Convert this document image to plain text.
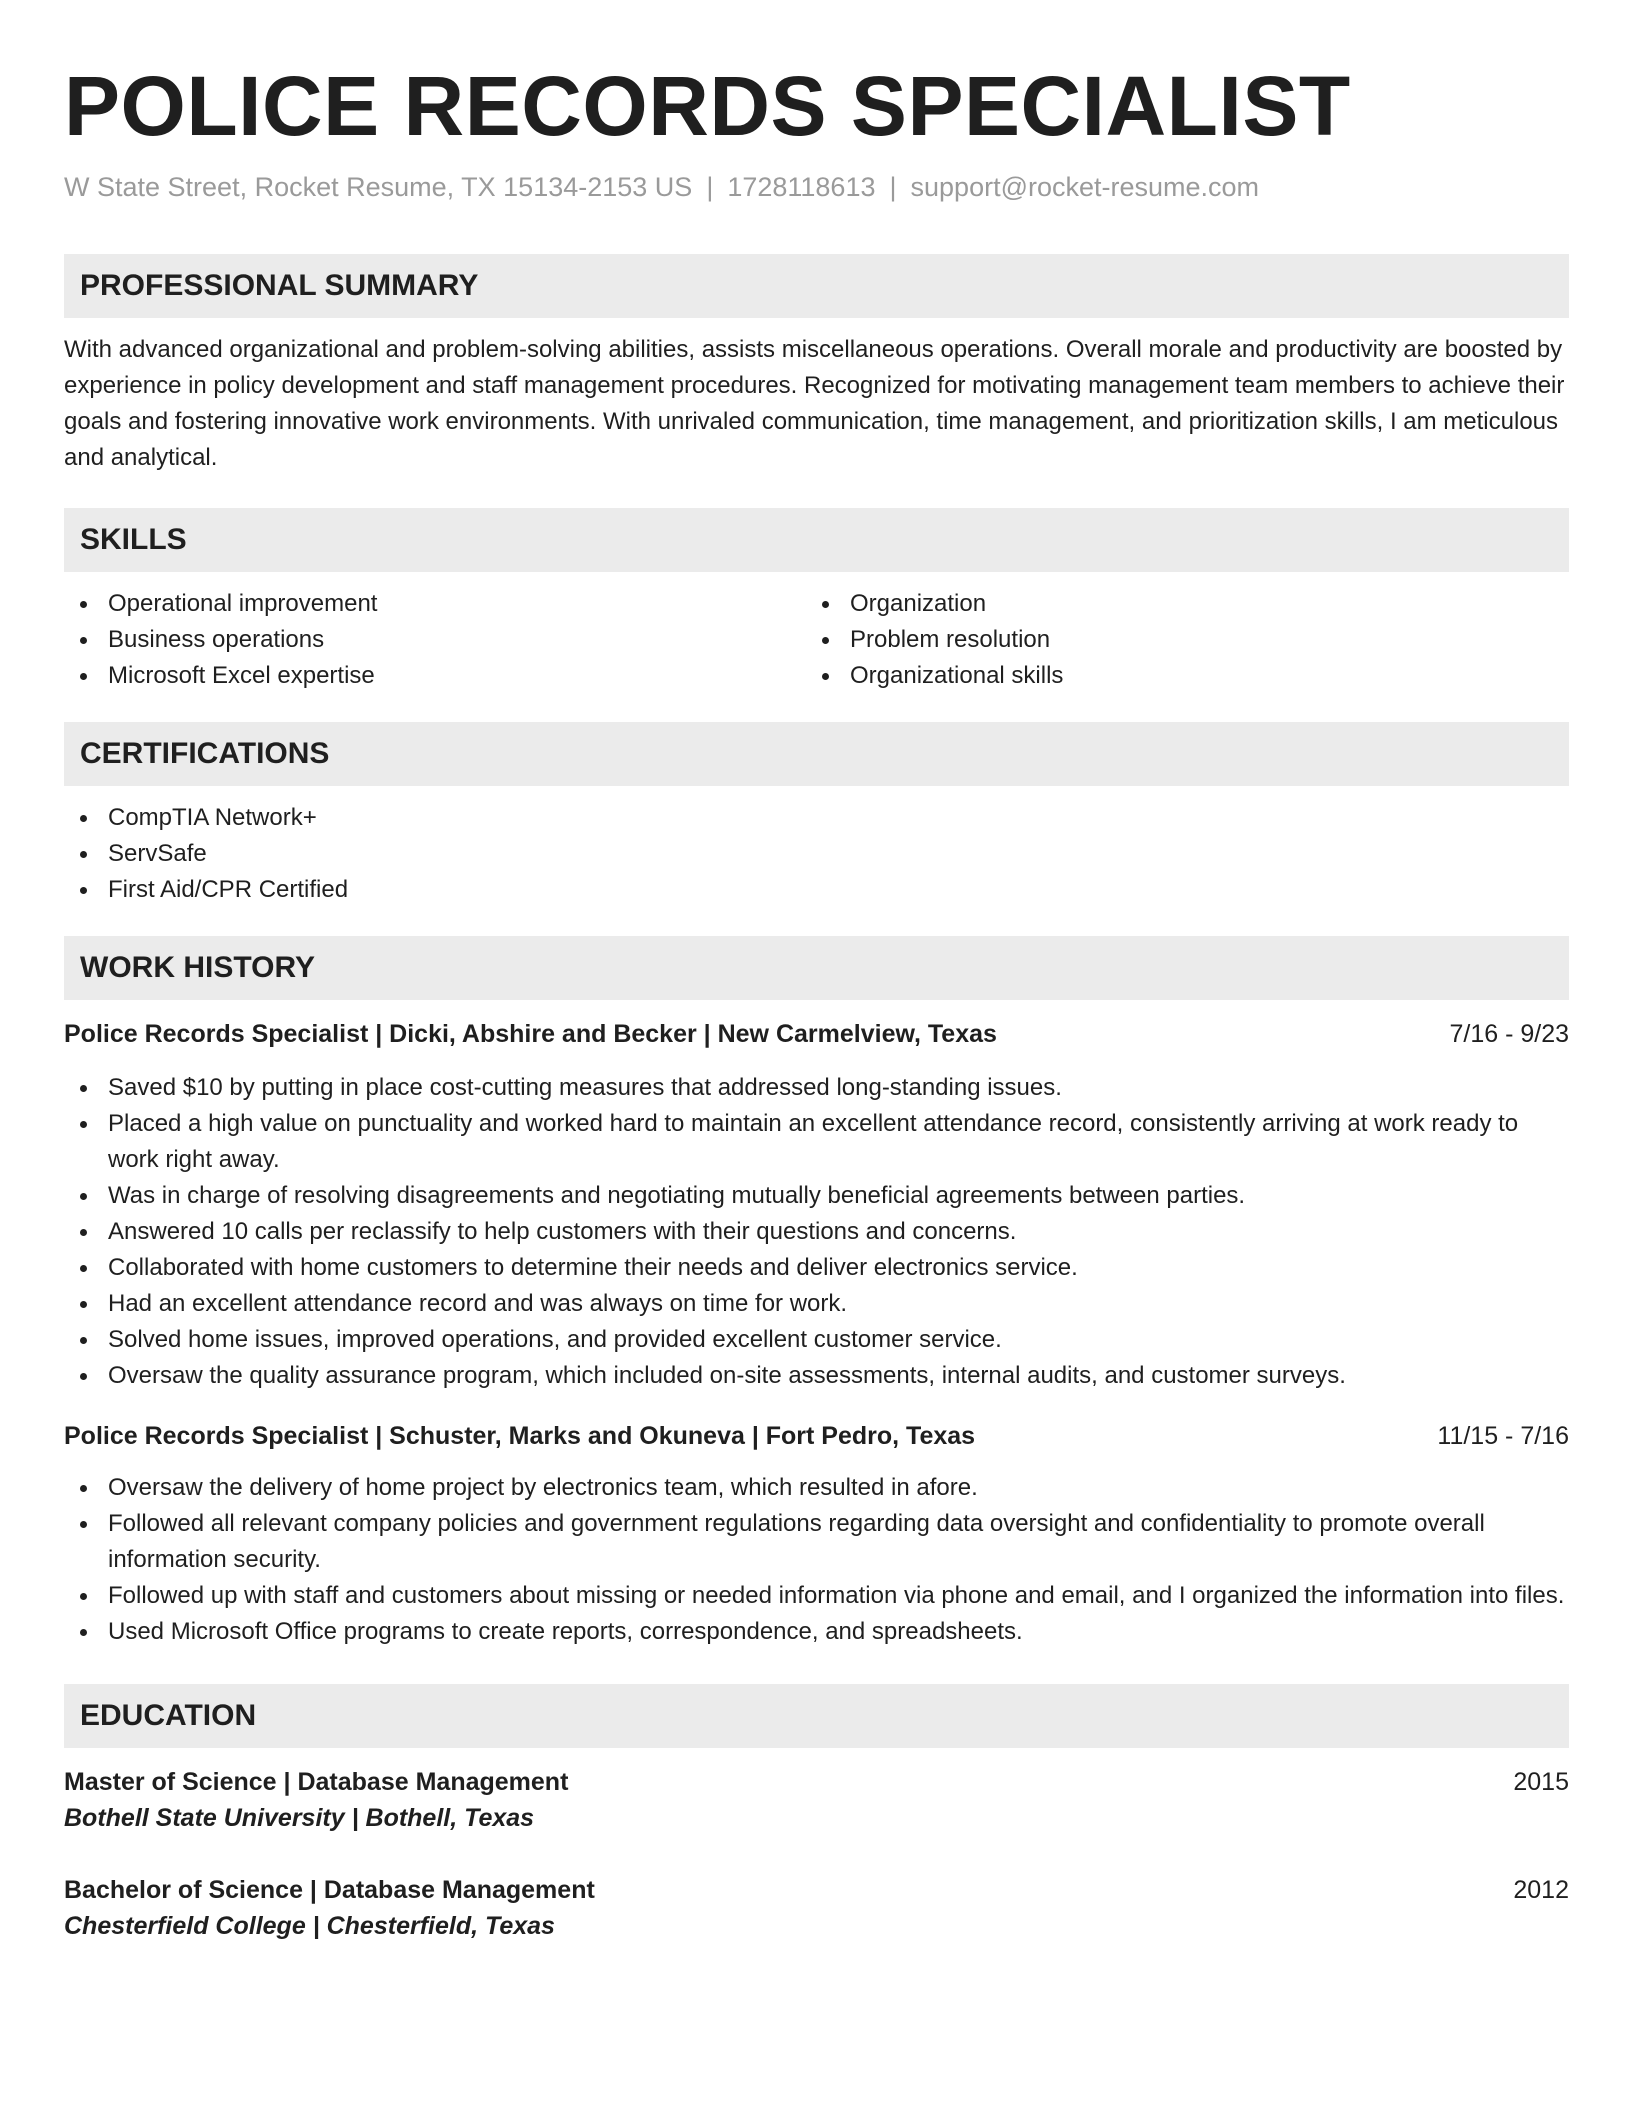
POLICE RECORDS SPECIALIST
W State Street, Rocket Resume, TX 15134-2153 US | 1728118613 | support@rocket-resume.com
PROFESSIONAL SUMMARY

With advanced organizational and problem-solving abilities, assists miscellaneous operations. Overall morale and productivity are boosted by experience in policy development and staff management procedures. Recognized for motivating management team members to achieve their goals and fostering innovative work environments. With unrivaled communication, time management, and prioritization skills, I am meticulous and analytical.

SKILLS
Operational improvement
Business operations
Microsoft Excel expertise
Organization
Problem resolution
Organizational skills
CERTIFICATIONS
CompTIA Network+
ServSafe
First Aid/CPR Certified
WORK HISTORY
Police Records Specialist | Dicki, Abshire and Becker | New Carmelview, Texas	7/16 - 9/23
Saved $10 by putting in place cost-cutting measures that addressed long-standing issues.
Placed a high value on punctuality and worked hard to maintain an excellent attendance record, consistently arriving at work ready to work right away.
Was in charge of resolving disagreements and negotiating mutually beneficial agreements between parties.
Answered 10 calls per reclassify to help customers with their questions and concerns.
Collaborated with home customers to determine their needs and deliver electronics service.
Had an excellent attendance record and was always on time for work.
Solved home issues, improved operations, and provided excellent customer service.
Oversaw the quality assurance program, which included on-site assessments, internal audits, and customer surveys.
Police Records Specialist | Schuster, Marks and Okuneva | Fort Pedro, Texas	11/15 - 7/16
Oversaw the delivery of home project by electronics team, which resulted in afore.
Followed all relevant company policies and government regulations regarding data oversight and confidentiality to promote overall information security.
Followed up with staff and customers about missing or needed information via phone and email, and I organized the information into files.
Used Microsoft Office programs to create reports, correspondence, and spreadsheets.
EDUCATION
Master of Science | Database Management	2015
Bothell State University | Bothell, Texas
Bachelor of Science | Database Management	2012
Chesterfield College | Chesterfield, Texas
